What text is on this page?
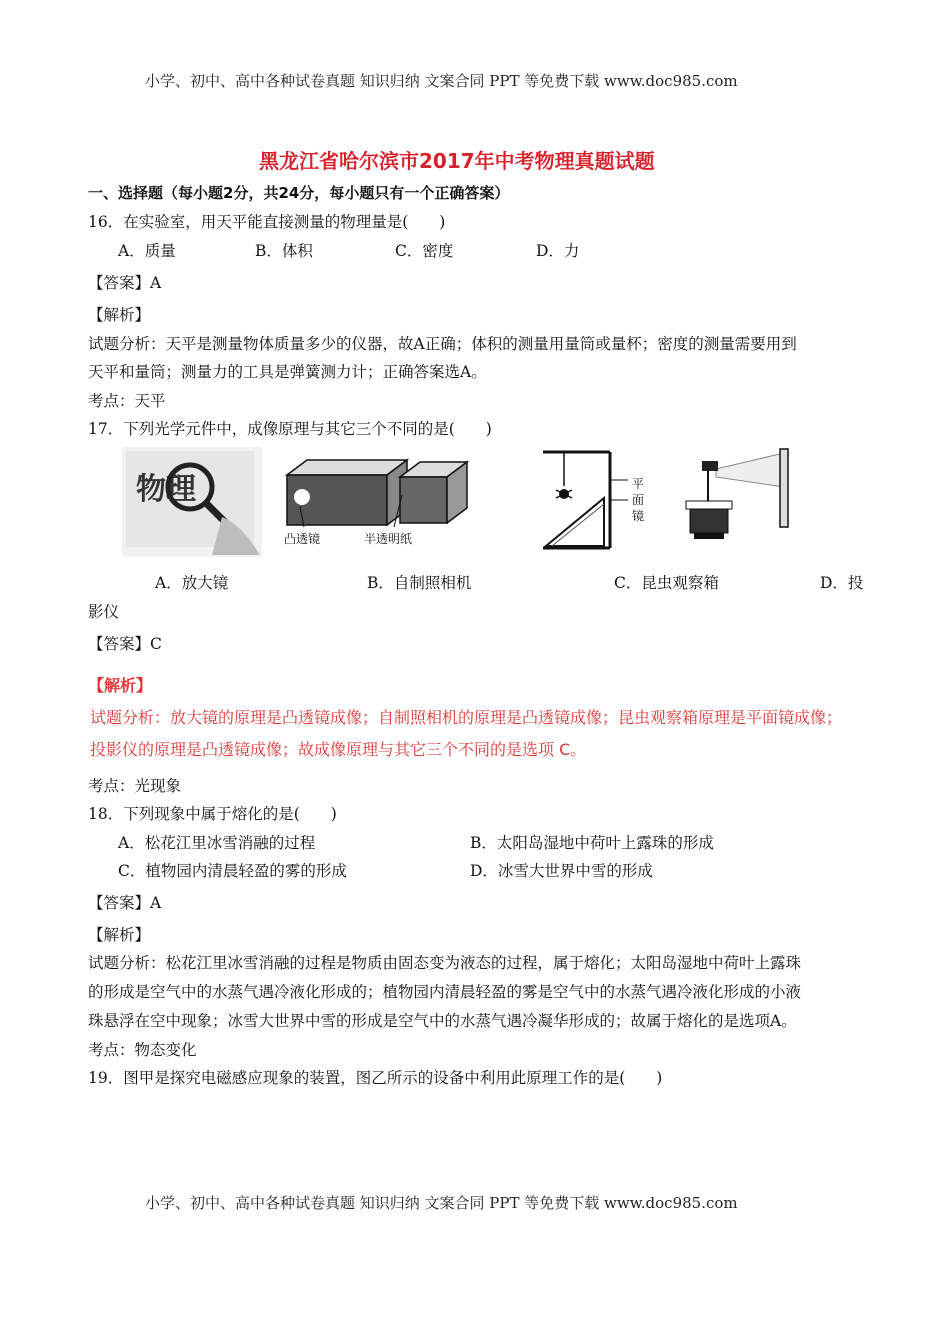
小学、初中、高中各种试卷真题 知识归纳 文案合同 PPT 等免费下载 www.doc985.com
黑龙江省哈尔滨市2017年中考物理真题试题
一、选择题（每小题2分，共24分，每小题只有一个正确答案）
16．在实验室，用天平能直接测量的物理量是(　　)
A．质量	B．体积	C．密度	D．力
【答案】A
【解析】
试题分析：天平是测量物体质量多少的仪器，故A正确；体积的测量用量筒或量杯；密度的测量需要用到
天平和量筒；测量力的工具是弹簧测力计；正确答案选A。
考点：天平
17．下列光学元件中，成像原理与其它三个不同的是(　　)
物理
凸透镜	半透明纸
平
面
镜
A．放大镜	B．自制照相机	C．昆虫观察箱	D．投
影仪
【答案】C
【解析】
试题分析：放大镜的原理是凸透镜成像；自制照相机的原理是凸透镜成像；昆虫观察箱原理是平面镜成像；
投影仪的原理是凸透镜成像；故成像原理与其它三个不同的是选项 C。
考点：光现象
18．下列现象中属于熔化的是(　　)
A．松花江里冰雪消融的过程	B．太阳岛湿地中荷叶上露珠的形成
C．植物园内清晨轻盈的雾的形成	D．冰雪大世界中雪的形成
【答案】A
【解析】
试题分析：松花江里冰雪消融的过程是物质由固态变为液态的过程，属于熔化；太阳岛湿地中荷叶上露珠
的形成是空气中的水蒸气遇冷液化形成的；植物园内清晨轻盈的雾是空气中的水蒸气遇冷液化形成的小液
珠悬浮在空中现象；冰雪大世界中雪的形成是空气中的水蒸气遇冷凝华形成的；故属于熔化的是选项A。
考点：物态变化
19．图甲是探究电磁感应现象的装置，图乙所示的设备中利用此原理工作的是(　　)
小学、初中、高中各种试卷真题 知识归纳 文案合同 PPT 等免费下载 www.doc985.com
